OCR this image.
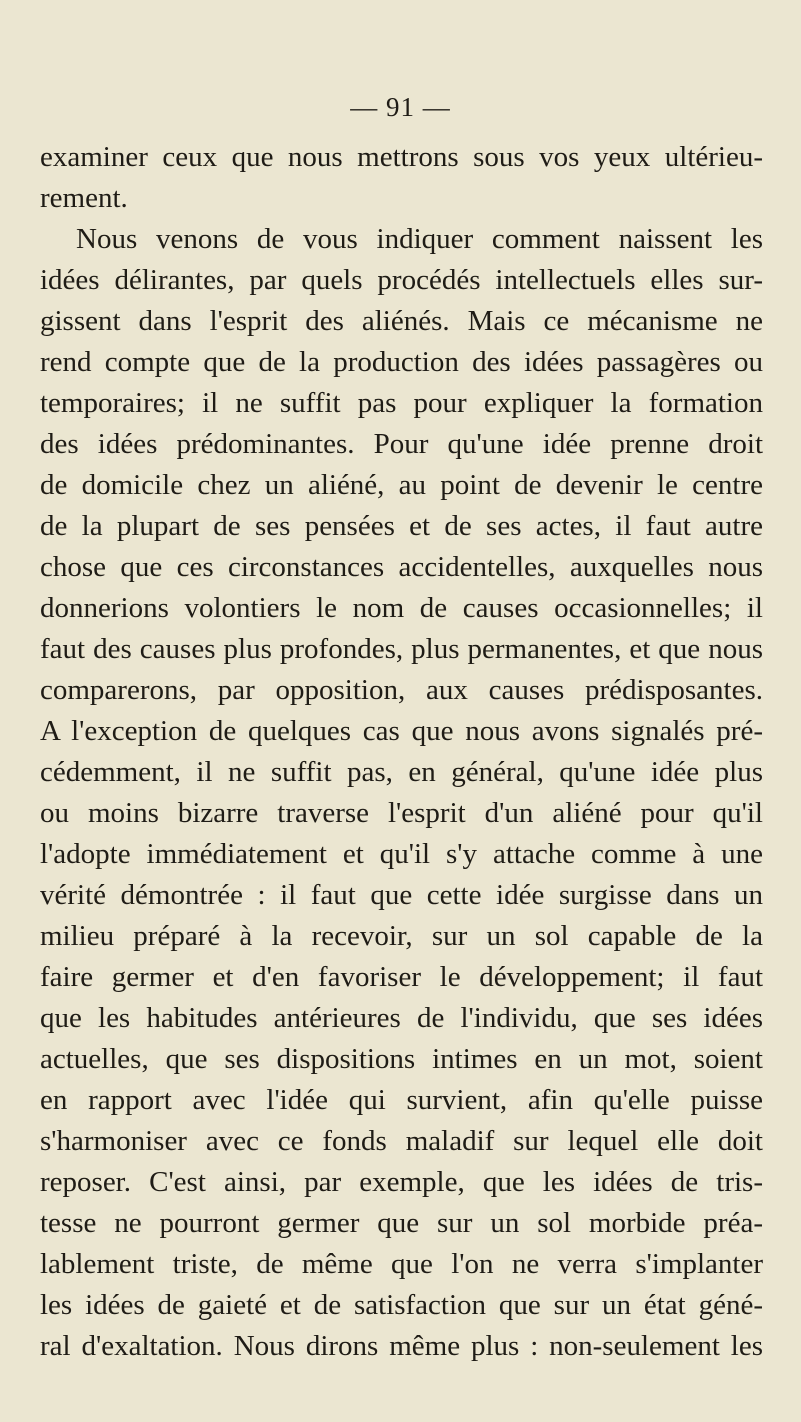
— 91 —
examiner ceux que nous mettrons sous vos yeux ultérieu-
rement.
Nous venons de vous indiquer comment naissent les
idées délirantes, par quels procédés intellectuels elles sur-
gissent dans l'esprit des aliénés. Mais ce mécanisme ne
rend compte que de la production des idées passagères ou
temporaires; il ne suffit pas pour expliquer la formation
des idées prédominantes. Pour qu'une idée prenne droit
de domicile chez un aliéné, au point de devenir le centre
de la plupart de ses pensées et de ses actes, il faut autre
chose que ces circonstances accidentelles, auxquelles nous
donnerions volontiers le nom de causes occasionnelles; il
faut des causes plus profondes, plus permanentes, et que nous
comparerons, par opposition, aux causes prédisposantes.
A l'exception de quelques cas que nous avons signalés pré-
cédemment, il ne suffit pas, en général, qu'une idée plus
ou moins bizarre traverse l'esprit d'un aliéné pour qu'il
l'adopte immédiatement et qu'il s'y attache comme à une
vérité démontrée : il faut que cette idée surgisse dans un
milieu préparé à la recevoir, sur un sol capable de la
faire germer et d'en favoriser le développement; il faut
que les habitudes antérieures de l'individu, que ses idées
actuelles, que ses dispositions intimes en un mot, soient
en rapport avec l'idée qui survient, afin qu'elle puisse
s'harmoniser avec ce fonds maladif sur lequel elle doit
reposer. C'est ainsi, par exemple, que les idées de tris-
tesse ne pourront germer que sur un sol morbide préa-
lablement triste, de même que l'on ne verra s'implanter
les idées de gaieté et de satisfaction que sur un état géné-
ral d'exaltation. Nous dirons même plus : non-seulement les
